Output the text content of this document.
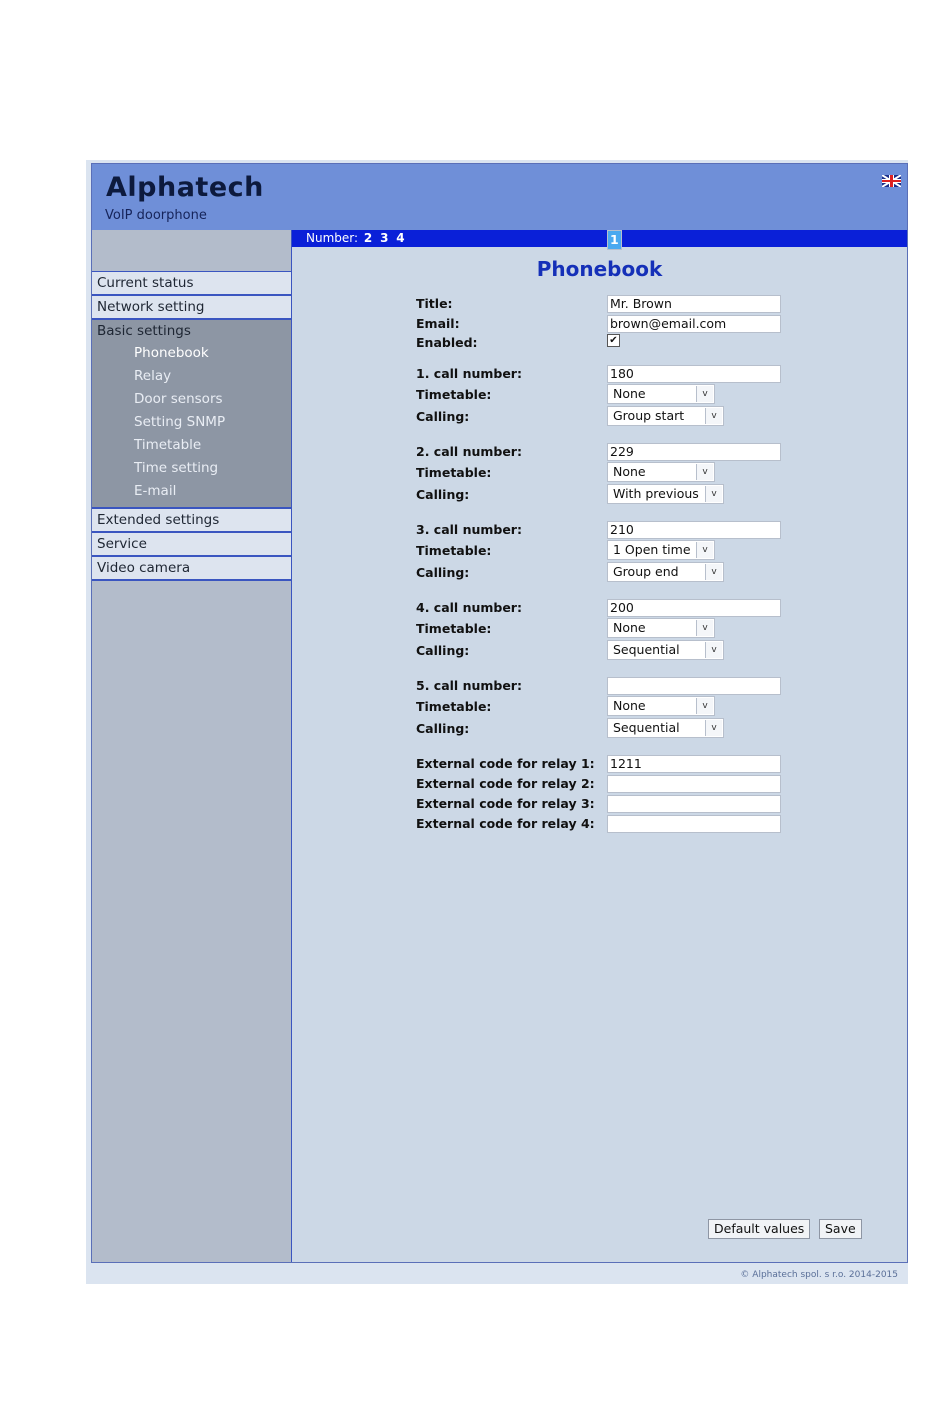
Alphatech
VoIP doorphone
Current status
Network setting
Basic settings
Phonebook
Relay
Door sensors
Setting SNMP
Timetable
Time setting
E-mail
Extended settings
Service
Video camera
Number:	1
2 3 4
Phonebook
Title:	Mr. Brown
Email:	brown@email.com
Enabled:	✔
1. call number:	180
Timetable:	None	v
Calling:	Group start	v
2. call number:	229
Timetable:	None	v
Calling:	With previous	v
3. call number:	210
Timetable:	1 Open time	v
Calling:	Group end	v
4. call number:	200
Timetable:	None	v
Calling:	Sequential	v
5. call number:
Timetable:	None	v
Calling:	Sequential	v
External code for relay 1: 1211
External code for relay 2:
External code for relay 3:
External code for relay 4:
Default values	Save
© Alphatech spol. s r.o. 2014-2015
